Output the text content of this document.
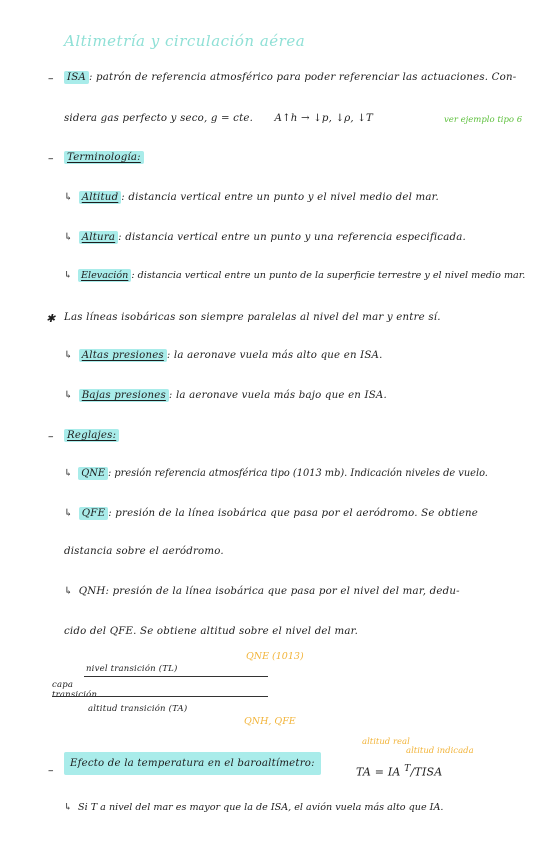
Altimetría y circulación aérea
– ISA : patrón de referencia atmosférico para poder referenciar las actuaciones. Con-
sidera gas perfecto y seco, g = cte. A↑h → ↓p, ↓ρ, ↓T	ver ejemplo tipo 6
– Terminología:
↳ Altitud : distancia vertical entre un punto y el nivel medio del mar.
↳ Altura : distancia vertical entre un punto y una referencia especificada.
↳ Elevación : distancia vertical entre un punto de la superficie terrestre y el nivel medio mar.
✱ Las líneas isobáricas son siempre paralelas al nivel del mar y entre sí.
↳ Altas presiones : la aeronave vuela más alto que en ISA.
↳ Bajas presiones : la aeronave vuela más bajo que en ISA.
– Reglajes:
↳ QNE : presión referencia atmosférica tipo (1013 mb). Indicación niveles de vuelo.
↳ QFE : presión de la línea isobárica que pasa por el aeródromo. Se obtiene
distancia sobre el aeródromo.
↳ QNH: presión de la línea isobárica que pasa por el nivel del mar, dedu-
cido del QFE. Se obtiene altitud sobre el nivel del mar.
QNE (1013)
nivel transición (TL)
capa
transición
altitud transición (TA)
QNH, QFE
altitud real
altitud indicada
–
Efecto de la temperatura en el baroaltímetro:
TA = IA $^T$/TISA
↳ Si T a nivel del mar es mayor que la de ISA, el avión vuela más alto que IA.
